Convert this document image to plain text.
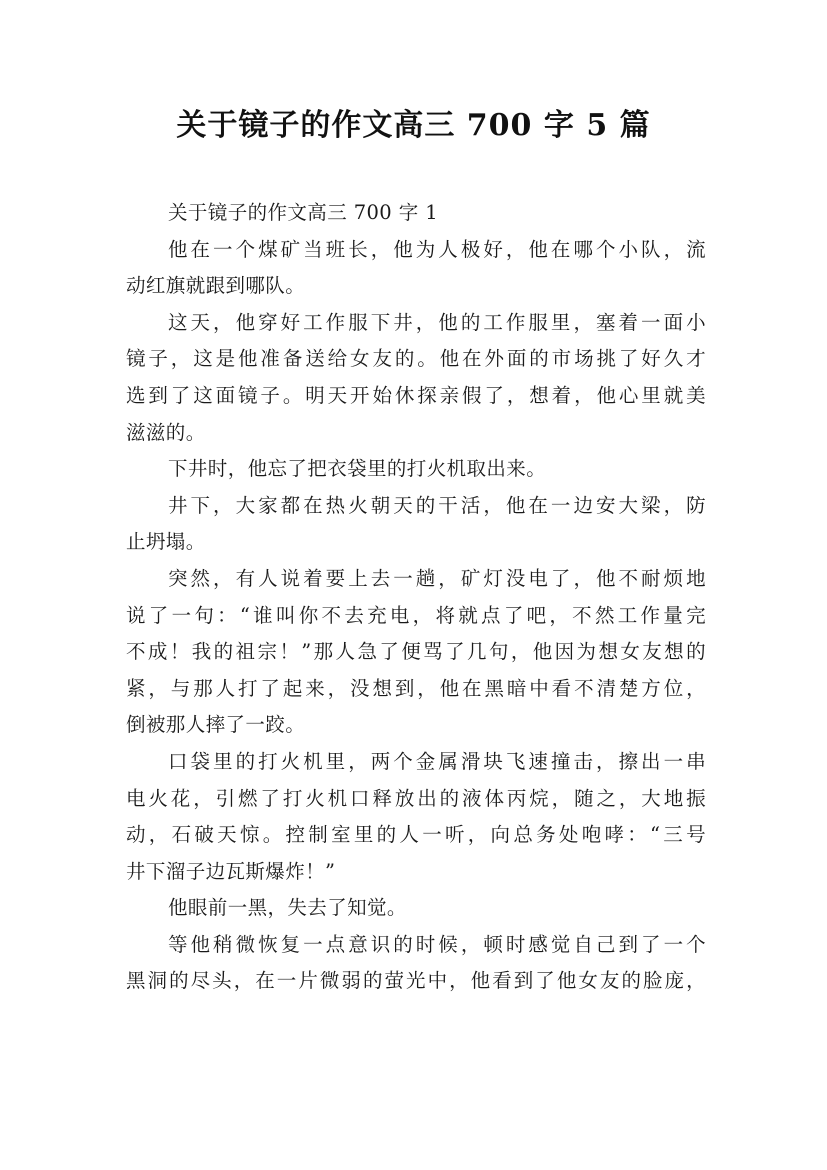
关于镜子的作文高三 700 字 5 篇
关于镜子的作文高三 700 字 1
他在一个煤矿当班长，他为人极好，他在哪个小队，流
动红旗就跟到哪队。
这天，他穿好工作服下井，他的工作服里，塞着一面小
镜子，这是他准备送给女友的。他在外面的市场挑了好久才
选到了这面镜子。明天开始休探亲假了，想着，他心里就美
滋滋的。
下井时，他忘了把衣袋里的打火机取出来。
井下，大家都在热火朝天的干活，他在一边安大梁，防
止坍塌。
突然，有人说着要上去一趟，矿灯没电了，他不耐烦地
说了一句：“谁叫你不去充电，将就点了吧，不然工作量完
不成！我的祖宗！”那人急了便骂了几句，他因为想女友想的
紧，与那人打了起来，没想到，他在黑暗中看不清楚方位，
倒被那人摔了一跤。
口袋里的打火机里，两个金属滑块飞速撞击，擦出一串
电火花，引燃了打火机口释放出的液体丙烷，随之，大地振
动，石破天惊。控制室里的人一听，向总务处咆哮：“三号
井下溜子边瓦斯爆炸！”
他眼前一黑，失去了知觉。
等他稍微恢复一点意识的时候，顿时感觉自己到了一个
黑洞的尽头，在一片微弱的萤光中，他看到了他女友的脸庞，
